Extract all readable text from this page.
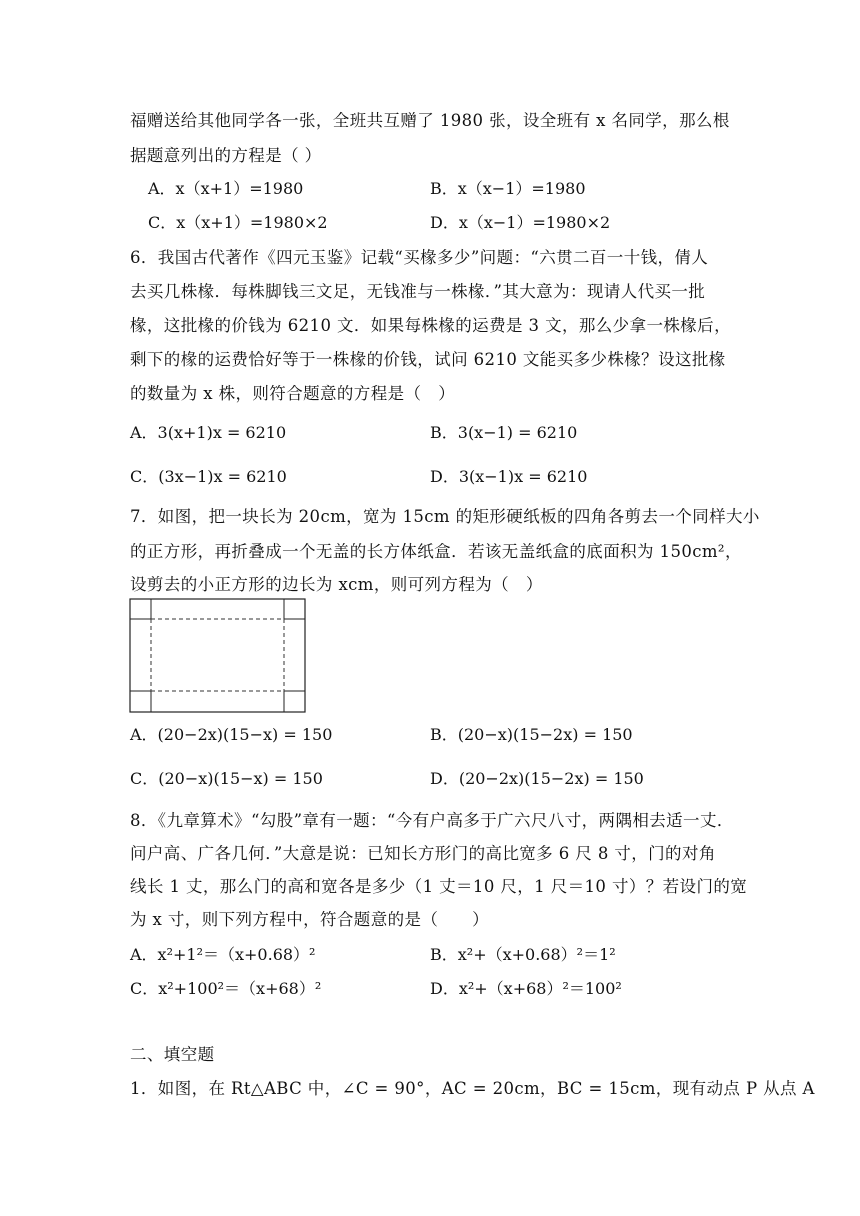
福赠送给其他同学各一张，全班共互赠了 1980 张，设全班有 x 名同学，那么根
据题意列出的方程是（ ）
A．x（x+1）=1980	B．x（x−1）=1980
C．x（x+1）=1980×2	D．x（x−1）=1980×2
6．我国古代著作《四元玉鉴》记载“买椽多少”问题：“六贯二百一十钱，倩人
去买几株椽．每株脚钱三文足，无钱准与一株椽．”其大意为：现请人代买一批
椽，这批椽的价钱为 6210 文．如果每株椽的运费是 3 文，那么少拿一株椽后，
剩下的椽的运费恰好等于一株椽的价钱，试问 6210 文能买多少株椽？设这批椽
的数量为 x 株，则符合题意的方程是（　）
A．3(x+1)x = 6210	B．3(x−1) = 6210
C．(3x−1)x = 6210	D．3(x−1)x = 6210
7．如图，把一块长为 20cm，宽为 15cm 的矩形硬纸板的四角各剪去一个同样大小
的正方形，再折叠成一个无盖的长方体纸盒．若该无盖纸盒的底面积为 150cm²，
设剪去的小正方形的边长为 xcm，则可列方程为（　）
A．(20−2x)(15−x) = 150	B．(20−x)(15−2x) = 150
C．(20−x)(15−x) = 150	D．(20−2x)(15−2x) = 150
8．《九章算术》“勾股”章有一题：“今有户高多于广六尺八寸，两隅相去适一丈．
问户高、广各几何．”大意是说：已知长方形门的高比宽多 6 尺 8 寸，门的对角
线长 1 丈，那么门的高和宽各是多少（1 丈＝10 尺，1 尺＝10 寸）？若设门的宽
为 x 寸，则下列方程中，符合题意的是（　　）
A．x²+1²＝（x+0.68）²	B．x²+（x+0.68）²＝1²
C．x²+100²＝（x+68）²	D．x²+（x+68）²＝100²
二、填空题
1．如图，在 Rt△ABC 中，∠C = 90°，AC = 20cm，BC = 15cm，现有动点 P 从点 A
